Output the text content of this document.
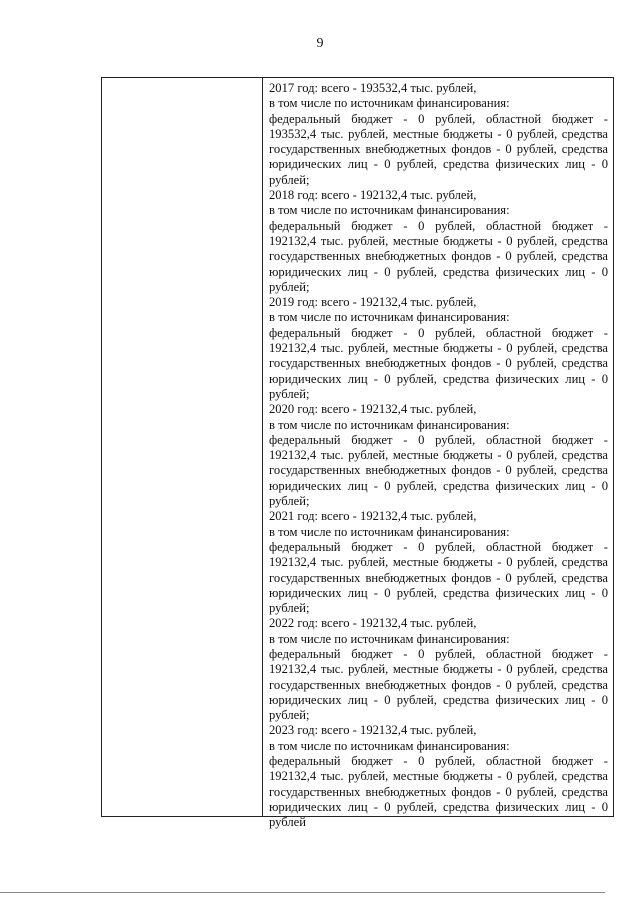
9
2017 год: всего - 193532,4 тыс. рублей,
в том числе по источникам финансирования:
федеральный бюджет - 0 рублей, областной бюджет -
193532,4 тыс. рублей, местные бюджеты - 0 рублей, средства
государственных внебюджетных фондов - 0 рублей, средства
юридических лиц - 0 рублей, средства физических лиц - 0
рублей;
2018 год: всего - 192132,4 тыс. рублей,
в том числе по источникам финансирования:
федеральный бюджет - 0 рублей, областной бюджет -
192132,4 тыс. рублей, местные бюджеты - 0 рублей, средства
государственных внебюджетных фондов - 0 рублей, средства
юридических лиц - 0 рублей, средства физических лиц - 0
рублей;
2019 год: всего - 192132,4 тыс. рублей,
в том числе по источникам финансирования:
федеральный бюджет - 0 рублей, областной бюджет -
192132,4 тыс. рублей, местные бюджеты - 0 рублей, средства
государственных внебюджетных фондов - 0 рублей, средства
юридических лиц - 0 рублей, средства физических лиц - 0
рублей;
2020 год: всего - 192132,4 тыс. рублей,
в том числе по источникам финансирования:
федеральный бюджет - 0 рублей, областной бюджет -
192132,4 тыс. рублей, местные бюджеты - 0 рублей, средства
государственных внебюджетных фондов - 0 рублей, средства
юридических лиц - 0 рублей, средства физических лиц - 0
рублей;
2021 год: всего - 192132,4 тыс. рублей,
в том числе по источникам финансирования:
федеральный бюджет - 0 рублей, областной бюджет -
192132,4 тыс. рублей, местные бюджеты - 0 рублей, средства
государственных внебюджетных фондов - 0 рублей, средства
юридических лиц - 0 рублей, средства физических лиц - 0
рублей;
2022 год: всего - 192132,4 тыс. рублей,
в том числе по источникам финансирования:
федеральный бюджет - 0 рублей, областной бюджет -
192132,4 тыс. рублей, местные бюджеты - 0 рублей, средства
государственных внебюджетных фондов - 0 рублей, средства
юридических лиц - 0 рублей, средства физических лиц - 0
рублей;
2023 год: всего - 192132,4 тыс. рублей,
в том числе по источникам финансирования:
федеральный бюджет - 0 рублей, областной бюджет -
192132,4 тыс. рублей, местные бюджеты - 0 рублей, средства
государственных внебюджетных фондов - 0 рублей, средства
юридических лиц - 0 рублей, средства физических лиц - 0
рублей
